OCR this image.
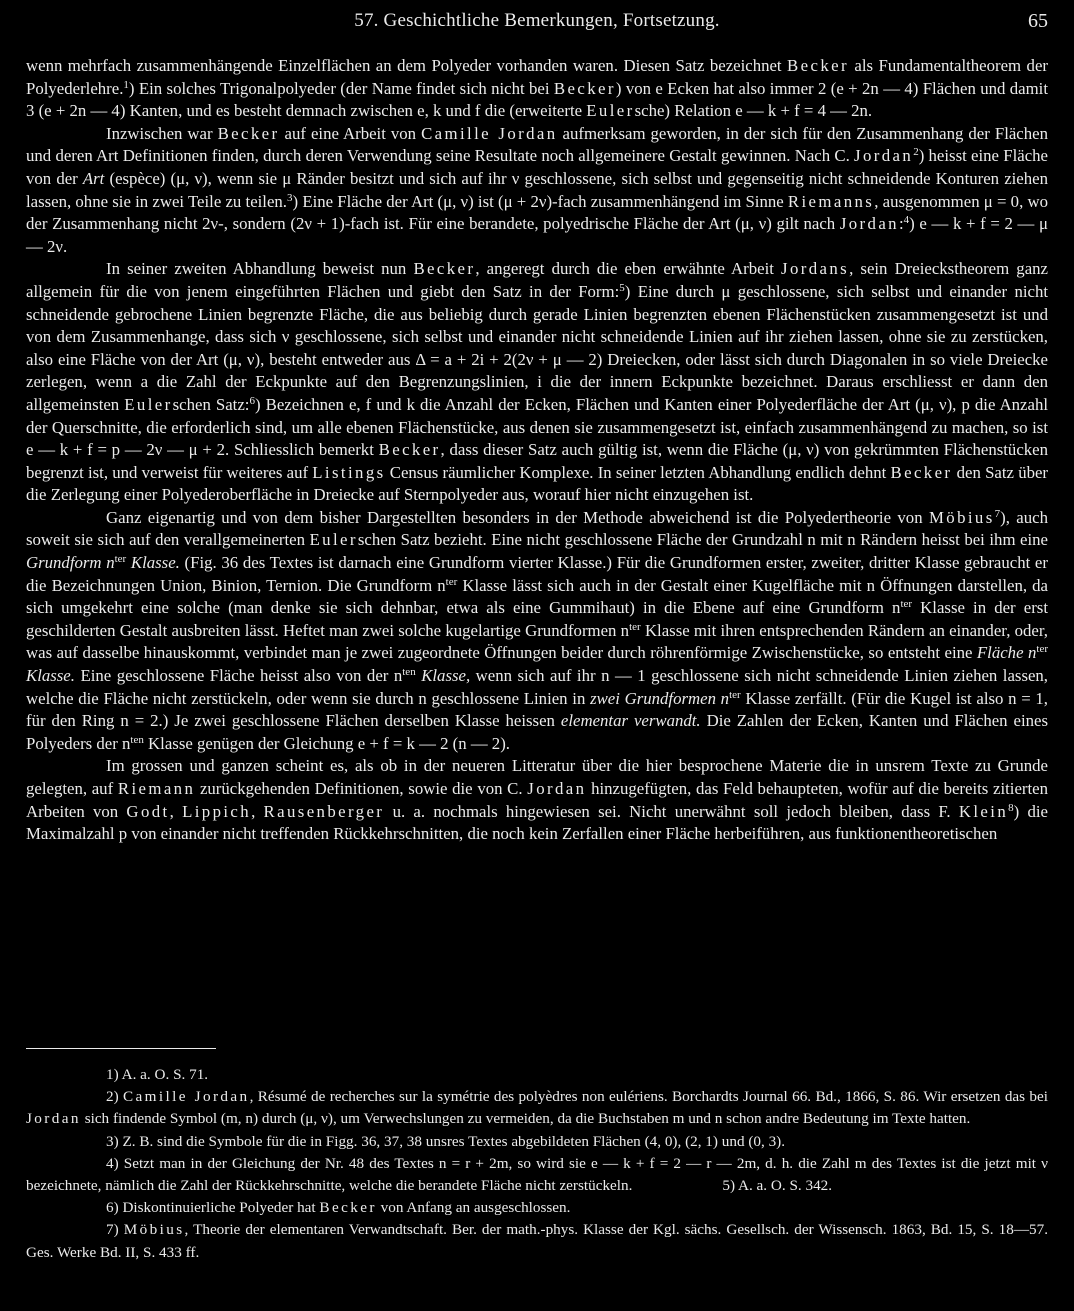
57. Geschichtliche Bemerkungen, Fortsetzung.	65

wenn mehrfach zusammenhängende Einzelflächen an dem Polyeder vorhanden waren. Diesen Satz bezeichnet Becker als Fundamentaltheorem der Polyederlehre.$^1$) Ein solches Trigonalpolyeder (der Name findet sich nicht bei Becker) von e Ecken hat also immer 2 (e + 2n — 4) Flächen und damit 3 (e + 2n — 4) Kanten, und es besteht demnach zwischen e, k und f die (erweiterte Eulersche) Relation e — k + f = 4 — 2n.

Inzwischen war Becker auf eine Arbeit von Camille Jordan aufmerksam geworden, in der sich für den Zusammenhang der Flächen und deren Art Definitionen finden, durch deren Verwendung seine Resultate noch allgemeinere Gestalt gewinnen. Nach C. Jordan$^2$) heisst eine Fläche von der Art (espèce) (μ, ν), wenn sie μ Ränder besitzt und sich auf ihr ν geschlossene, sich selbst und gegenseitig nicht schneidende Konturen ziehen lassen, ohne sie in zwei Teile zu teilen.$^3$) Eine Fläche der Art (μ, ν) ist (μ + 2ν)-fach zusammenhängend im Sinne Riemanns, ausgenommen μ = 0, wo der Zusammenhang nicht 2ν-, sondern (2ν + 1)-fach ist. Für eine berandete, polyedrische Fläche der Art (μ, ν) gilt nach Jordan:$^4$) e — k + f = 2 — μ — 2ν.

In seiner zweiten Abhandlung beweist nun Becker, angeregt durch die eben erwähnte Arbeit Jordans, sein Dreieckstheorem ganz allgemein für die von jenem eingeführten Flächen und giebt den Satz in der Form:$^5$) Eine durch μ geschlossene, sich selbst und einander nicht schneidende gebrochene Linien begrenzte Fläche, die aus beliebig durch gerade Linien begrenzten ebenen Flächenstücken zusammengesetzt ist und von dem Zusammenhange, dass sich ν geschlossene, sich selbst und einander nicht schneidende Linien auf ihr ziehen lassen, ohne sie zu zerstücken, also eine Fläche von der Art (μ, ν), besteht entweder aus Δ = a + 2i + 2(2ν + μ — 2) Dreiecken, oder lässt sich durch Diagonalen in so viele Dreiecke zerlegen, wenn a die Zahl der Eckpunkte auf den Begrenzungslinien, i die der innern Eckpunkte bezeichnet. Daraus erschliesst er dann den allgemeinsten Eulerschen Satz:$^6$) Bezeichnen e, f und k die Anzahl der Ecken, Flächen und Kanten einer Polyederfläche der Art (μ, ν), p die Anzahl der Querschnitte, die erforderlich sind, um alle ebenen Flächenstücke, aus denen sie zusammengesetzt ist, einfach zusammenhängend zu machen, so ist e — k + f = p — 2ν — μ + 2. Schliesslich bemerkt Becker, dass dieser Satz auch gültig ist, wenn die Fläche (μ, ν) von gekrümmten Flächenstücken begrenzt ist, und verweist für weiteres auf Listings Census räumlicher Komplexe. In seiner letzten Abhandlung endlich dehnt Becker den Satz über die Zerlegung einer Polyederoberfläche in Dreiecke auf Sternpolyeder aus, worauf hier nicht einzugehen ist.

Ganz eigenartig und von dem bisher Dargestellten besonders in der Methode abweichend ist die Polyedertheorie von Möbius$^7$), auch soweit sie sich auf den verallgemeinerten Eulerschen Satz bezieht. Eine nicht geschlossene Fläche der Grundzahl n mit n Rändern heisst bei ihm eine Grundform $n^{ter}$ Klasse. (Fig. 36 des Textes ist darnach eine Grundform vierter Klasse.) Für die Grundformen erster, zweiter, dritter Klasse gebraucht er die Bezeichnungen Union, Binion, Ternion. Die Grundform $n^{ter}$ Klasse lässt sich auch in der Gestalt einer Kugelfläche mit n Öffnungen darstellen, da sich umgekehrt eine solche (man denke sie sich dehnbar, etwa als eine Gummihaut) in die Ebene auf eine Grundform $n^{ter}$ Klasse in der erst geschilderten Gestalt ausbreiten lässt. Heftet man zwei solche kugelartige Grundformen $n^{ter}$ Klasse mit ihren entsprechenden Rändern an einander, oder, was auf dasselbe hinauskommt, verbindet man je zwei zugeordnete Öffnungen beider durch röhrenförmige Zwischenstücke, so entsteht eine Fläche $n^{ter}$ Klasse. Eine geschlossene Fläche heisst also von der $n^{ten}$ Klasse, wenn sich auf ihr n — 1 geschlossene sich nicht schneidende Linien ziehen lassen, welche die Fläche nicht zerstückeln, oder wenn sie durch n geschlossene Linien in zwei Grundformen $n^{ter}$ Klasse zerfällt. (Für die Kugel ist also n = 1, für den Ring n = 2.) Je zwei geschlossene Flächen derselben Klasse heissen elementar verwandt. Die Zahlen der Ecken, Kanten und Flächen eines Polyeders der $n^{ten}$ Klasse genügen der Gleichung e + f = k — 2 (n — 2).

Im grossen und ganzen scheint es, als ob in der neueren Litteratur über die hier besprochene Materie die in unsrem Texte zu Grunde gelegten, auf Riemann zurückgehenden Definitionen, sowie die von C. Jordan hinzugefügten, das Feld behaupteten, wofür auf die bereits zitierten Arbeiten von Godt, Lippich, Rausenberger u. a. nochmals hingewiesen sei. Nicht unerwähnt soll jedoch bleiben, dass F. Klein$^8$) die Maximalzahl p von einander nicht treffenden Rückkehrschnitten, die noch kein Zerfallen einer Fläche herbeiführen, aus funktionentheoretischen

1) A. a. O. S. 71.

2) Camille Jordan, Résumé de recherches sur la symétrie des polyèdres non eulériens. Borchardts Journal 66. Bd., 1866, S. 86. Wir ersetzen das bei Jordan sich findende Symbol (m, n) durch (μ, ν), um Verwechslungen zu vermeiden, da die Buchstaben m und n schon andre Bedeutung im Texte hatten.

3) Z. B. sind die Symbole für die in Figg. 36, 37, 38 unsres Textes abgebildeten Flächen (4, 0), (2, 1) und (0, 3).

4) Setzt man in der Gleichung der Nr. 48 des Textes n = r + 2m, so wird sie e — k + f = 2 — r — 2m, d. h. die Zahl m des Textes ist die jetzt mit ν bezeichnete, nämlich die Zahl der Rückkehrschnitte, welche die berandete Fläche nicht zerstückeln.	5) A. a. O. S. 342.

6) Diskontinuierliche Polyeder hat Becker von Anfang an ausgeschlossen.

7) Möbius, Theorie der elementaren Verwandtschaft. Ber. der math.-phys. Klasse der Kgl. sächs. Gesellsch. der Wissensch. 1863, Bd. 15, S. 18—57. Ges. Werke Bd. II, S. 433 ff.
